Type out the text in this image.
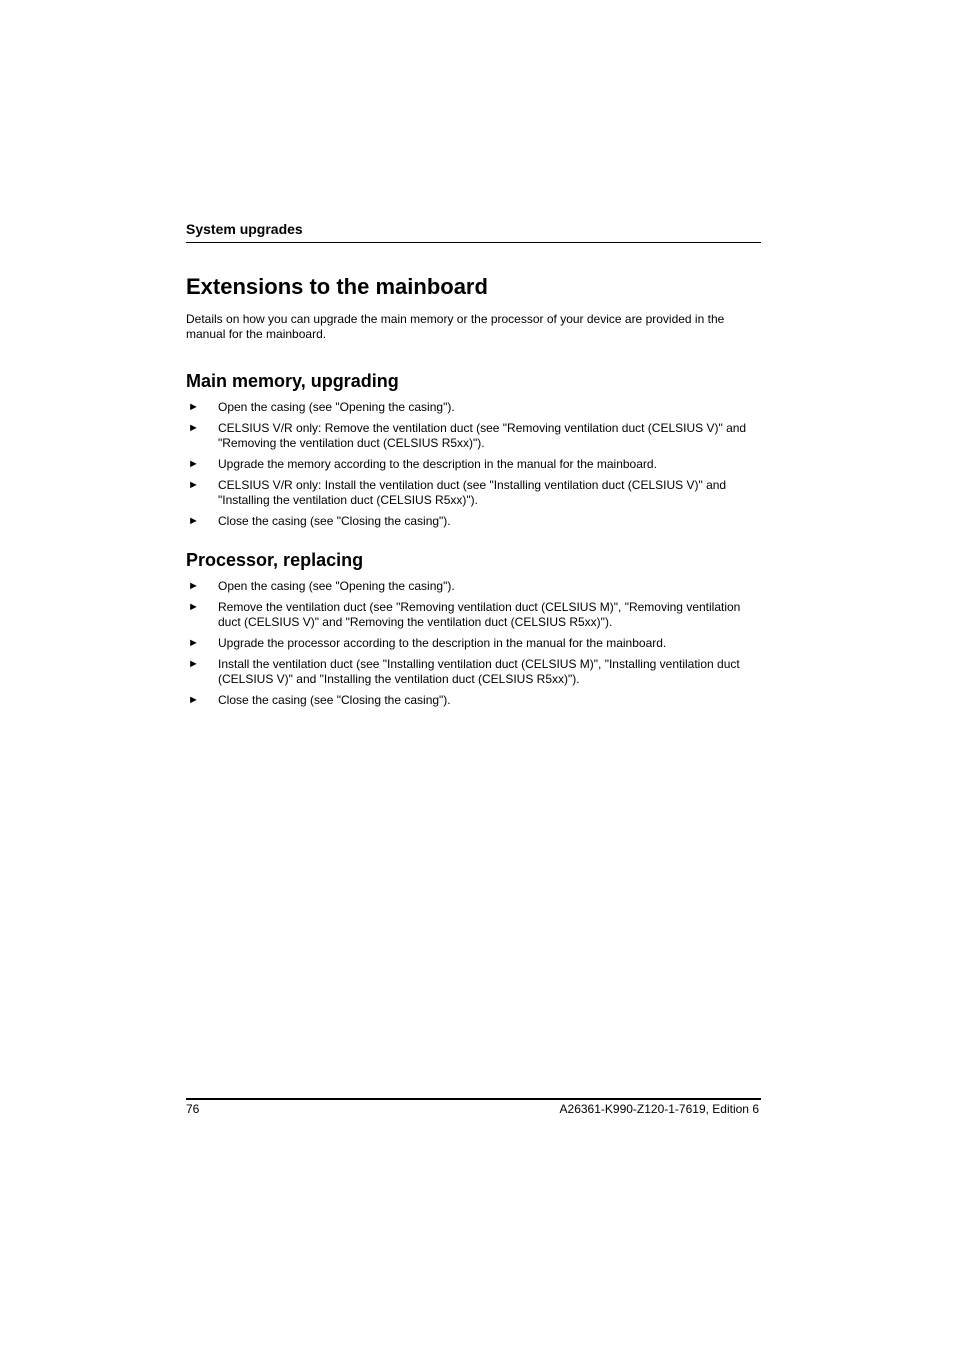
System upgrades
Extensions to the mainboard

Details on how you can upgrade the main memory or the processor of your device are provided in the manual for the mainboard.

Main memory, upgrading
► Open the casing (see "Opening the casing").
► CELSIUS V/R only: Remove the ventilation duct (see "Removing ventilation duct (CELSIUS V)" and "Removing the ventilation duct (CELSIUS R5xx)").
► Upgrade the memory according to the description in the manual for the mainboard.
► CELSIUS V/R only: Install the ventilation duct (see "Installing ventilation duct (CELSIUS V)" and "Installing the ventilation duct (CELSIUS R5xx)").
► Close the casing (see "Closing the casing").
Processor, replacing
► Open the casing (see "Opening the casing").
► Remove the ventilation duct (see "Removing ventilation duct (CELSIUS M)", "Removing ventilation duct (CELSIUS V)" and "Removing the ventilation duct (CELSIUS R5xx)").
► Upgrade the processor according to the description in the manual for the mainboard.
► Install the ventilation duct (see "Installing ventilation duct (CELSIUS M)", "Installing ventilation duct (CELSIUS V)" and "Installing the ventilation duct (CELSIUS R5xx)").
► Close the casing (see "Closing the casing").
76	A26361-K990-Z120-1-7619, Edition 6
